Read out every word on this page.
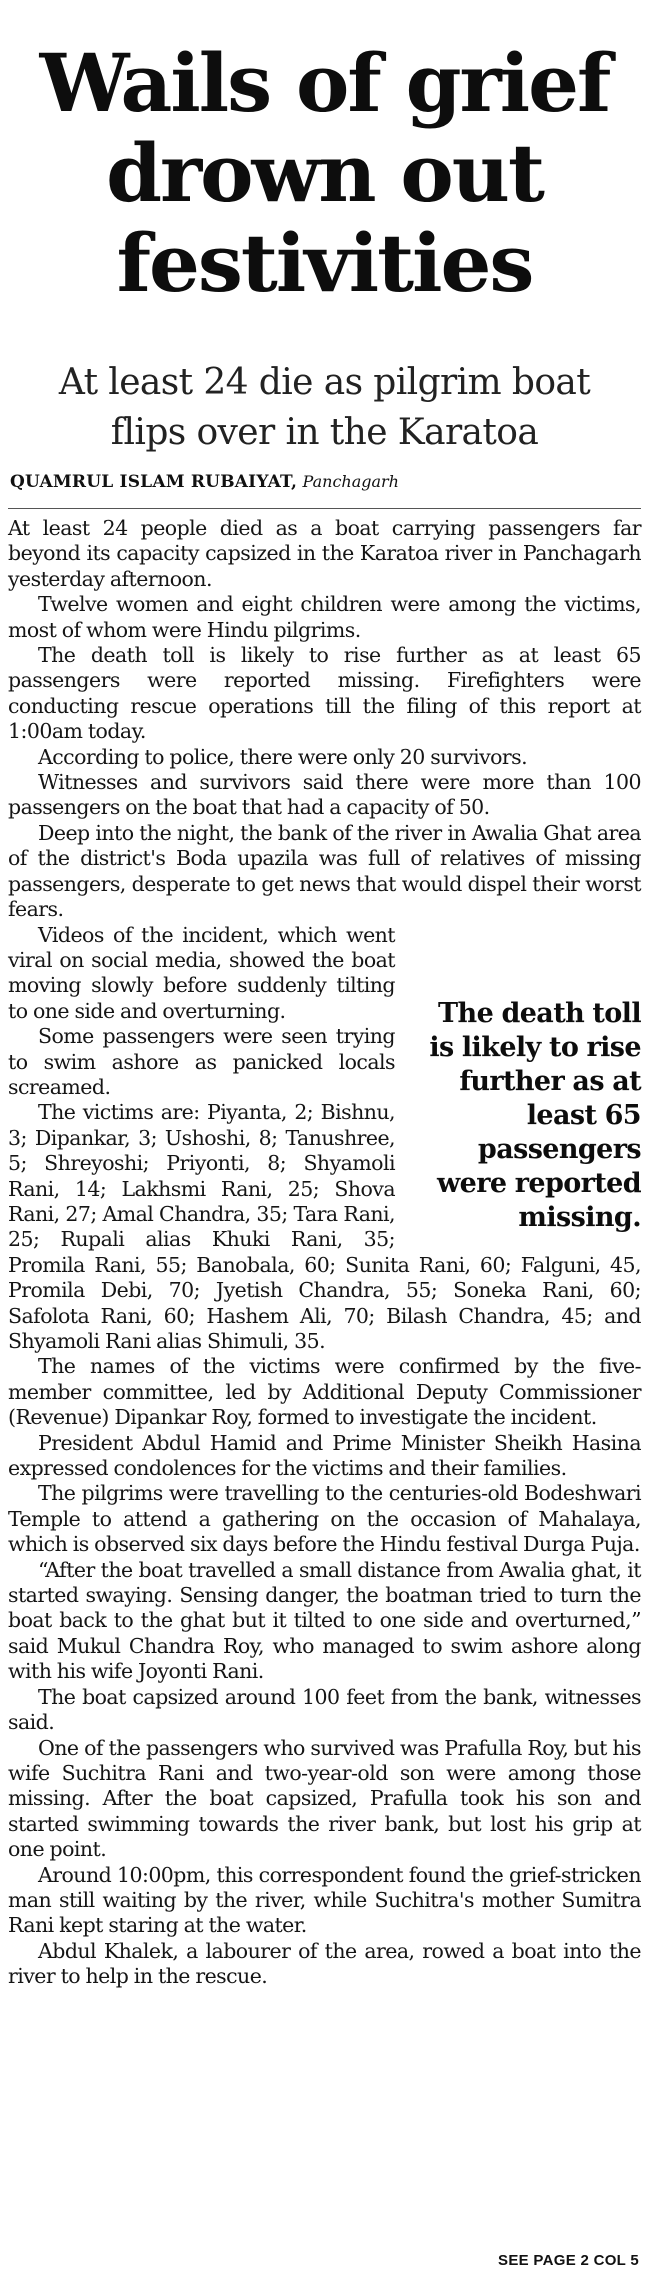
Wails of grief
drown out
festivities
At least 24 die as pilgrim boat
flips over in the Karatoa
QUAMRUL ISLAM RUBAIYAT, Panchagarh

At least 24 people died as a boat carrying passengers far beyond its capacity capsized in the Karatoa river in Panchagarh yesterday afternoon.

Twelve women and eight children were among the victims, most of whom were Hindu pilgrims.

The death toll is likely to rise further as at least 65 passengers were reported missing. Firefighters were conducting rescue operations till the filing of this report at 1:00am today.

According to police, there were only 20 survivors.

Witnesses and survivors said there were more than 100 passengers on the boat that had a capacity of 50.

Deep into the night, the bank of the river in Awalia Ghat area of the district's Boda upazila was full of relatives of missing passengers, desperate to get news that would dispel their worst fears.

The death toll is likely to rise further as at least 65 passengers were reported missing.

Videos of the incident, which went viral on social media, showed the boat moving slowly before suddenly tilting to one side and overturning.

Some passengers were seen trying to swim ashore as panicked locals screamed.

The victims are: Piyanta, 2; Bishnu, 3; Dipankar, 3; Ushoshi, 8; Tanushree, 5; Shreyoshi; Priyonti, 8; Shyamoli Rani, 14; Lakhsmi Rani, 25; Shova Rani, 27; Amal Chandra, 35; Tara Rani, 25; Rupali alias Khuki Rani, 35; Promila Rani, 55; Banobala, 60; Sunita Rani, 60; Falguni, 45, Promila Debi, 70; Jyetish Chandra, 55; Soneka Rani, 60; Safolota Rani, 60; Hashem Ali, 70; Bilash Chandra, 45; and Shyamoli Rani alias Shimuli, 35.

The names of the victims were confirmed by the five-member committee, led by Additional Deputy Commissioner (Revenue) Dipankar Roy, formed to investigate the incident.

President Abdul Hamid and Prime Minister Sheikh Hasina expressed condolences for the victims and their families.

The pilgrims were travelling to the centuries-old Bodeshwari Temple to attend a gathering on the occasion of Mahalaya, which is observed six days before the Hindu festival Durga Puja.

“After the boat travelled a small distance from Awalia ghat, it started swaying. Sensing danger, the boatman tried to turn the boat back to the ghat but it tilted to one side and overturned,” said Mukul Chandra Roy, who managed to swim ashore along with his wife Joyonti Rani.

The boat capsized around 100 feet from the bank, witnesses said.

One of the passengers who survived was Prafulla Roy, but his wife Suchitra Rani and two-year-old son were among those missing. After the boat capsized, Prafulla took his son and started swimming towards the river bank, but lost his grip at one point.

Around 10:00pm, this correspondent found the grief-stricken man still waiting by the river, while Suchitra's mother Sumitra Rani kept staring at the water.

Abdul Khalek, a labourer of the area, rowed a boat into the river to help in the rescue.

SEE PAGE 2 COL 5
